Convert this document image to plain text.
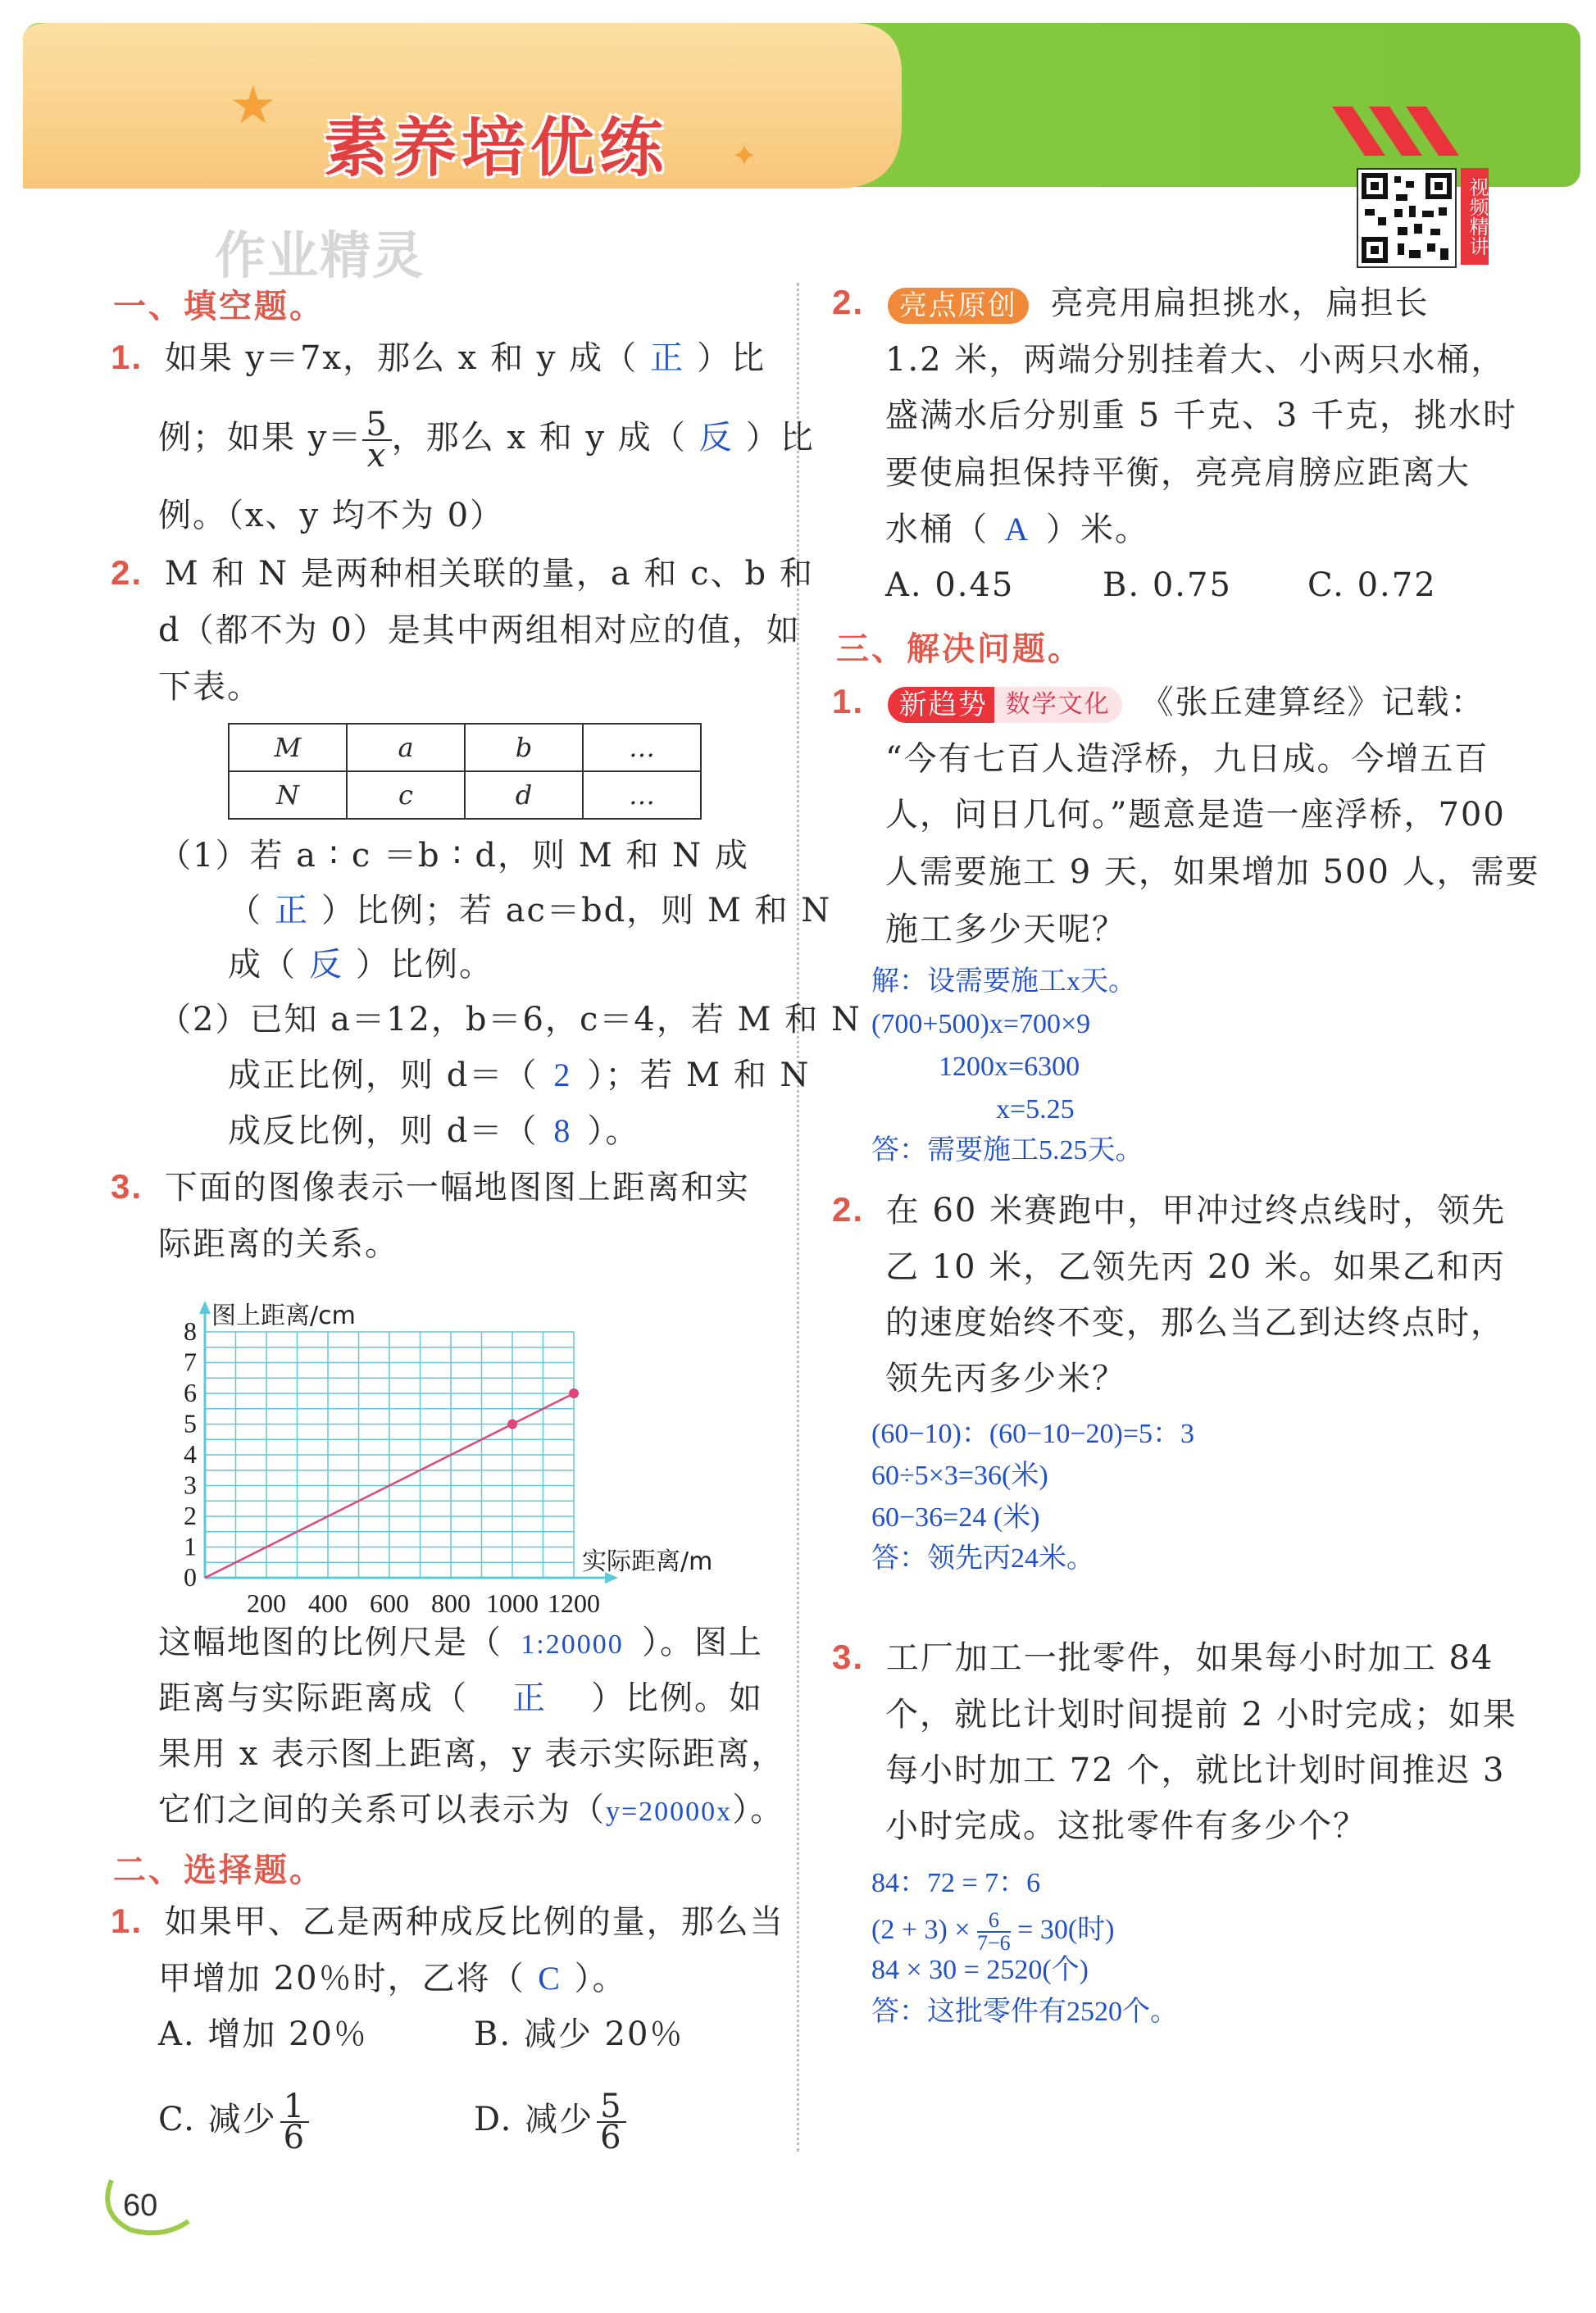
★
素养培优练 ✦
视频精讲
作业精灵
一、填空题。
1. 如果 y＝7x，那么 x 和 y 成（ 正 ）比
例；如果 $y= \frac{5}{x}$ ，那么 x 和 y 成（ 反 ）比
例。（x、y 均不为 0）
2. M 和 N 是两种相关联的量，a 和 c、b 和
d（都不为 0）是其中两组相对应的值，如
下表。
M	a	b	…
N	c	d	…
（1）若 a ∶ c ＝b ∶ d，则 M 和 N 成
（ 正 ）比例；若 ac＝bd，则 M 和 N
成（ 反 ）比例。
（2）已知 a＝12，b＝6，c＝4，若 M 和 N
成正比例，则 d＝（ 2 ）；若 M 和 N
成反比例，则 d＝（ 8 ）。
3. 下面的图像表示一幅地图图上距离和实
际距离的关系。
图上距离/cm
实际距离/m
0
1
2
3
4
5
6
7
8
200 400 600 800 1000 1200
这幅地图的比例尺是（ 1:20000 ）。图上
距离与实际距离成（ 正 ）比例。如
果用 x 表示图上距离，y 表示实际距离，
它们之间的关系可以表示为（y=20000x）。
二、选择题。
1. 如果甲、乙是两种成反比例的量，那么当
甲增加 20％时，乙将（ C ）。
A. 增加 20％	B. 减少 20％
C. 减少 $\frac{1}{6}$	D. 减少 $\frac{5}{6}$
60
2. 亮点原创 亮亮用扁担挑水，扁担长
1.2 米，两端分别挂着大、小两只水桶，
盛满水后分别重 5 千克、3 千克，挑水时
要使扁担保持平衡，亮亮肩膀应距离大
水桶（ A ）米。
A. 0.45	B. 0.75 C. 0.72
三、解决问题。
1. 新趋势 数学文化 《张丘建算经》记载：
“今有七百人造浮桥，九日成。今增五百
人，问日几何。”题意是造一座浮桥，700
人需要施工 9 天，如果增加 500 人，需要
施工多少天呢？
解：设需要施工x天。
(700+500)x=700×9
1200x=6300
x=5.25
答：需要施工5.25天。
2. 在 60 米赛跑中，甲冲过终点线时，领先
乙 10 米，乙领先丙 20 米。如果乙和丙
的速度始终不变，那么当乙到达终点时，
领先丙多少米？
(60−10)：(60−10−20)=5：3
60÷5×3=36(米)
60−36=24 (米)
答：领先丙24米。
3. 工厂加工一批零件，如果每小时加工 84
个，就比计划时间提前 2 小时完成；如果
每小时加工 72 个，就比计划时间推迟 3
小时完成。这批零件有多少个？
84：72 = 7：6
$(2 + 3) \times \frac{6}{7-6} = 30$(时)
84 × 30 = 2520(个)
答：这批零件有2520个。
